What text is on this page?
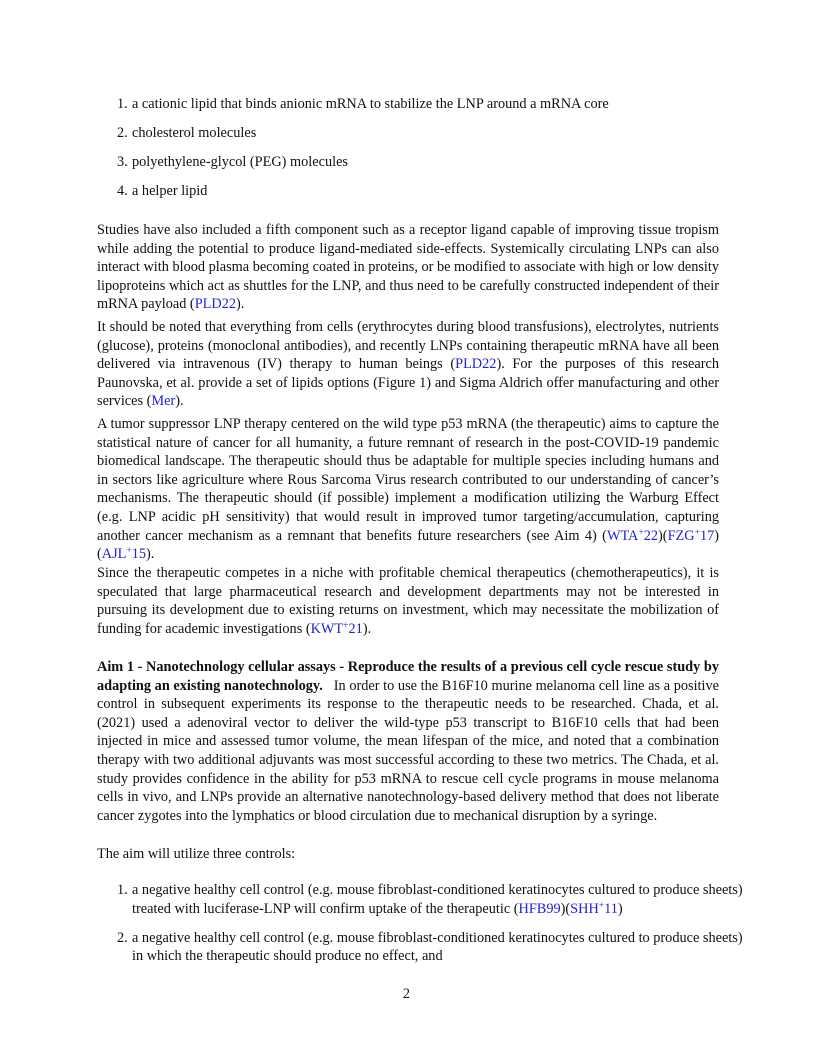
1. a cationic lipid that binds anionic mRNA to stabilize the LNP around a mRNA core
2. cholesterol molecules
3. polyethylene-glycol (PEG) molecules
4. a helper lipid

Studies have also included a fifth component such as a receptor ligand capable of improving tissue tropism while adding the potential to produce ligand-mediated side-effects. Systemically circulating LNPs can also interact with blood plasma becoming coated in proteins, or be modified to associate with high or low density lipoproteins which act as shuttles for the LNP, and thus need to be carefully constructed independent of their mRNA payload (PLD22).

It should be noted that everything from cells (erythrocytes during blood transfusions), electrolytes, nutrients (glucose), proteins (monoclonal antibodies), and recently LNPs containing therapeutic mRNA have all been delivered via intravenous (IV) therapy to human beings (PLD22). For the purposes of this research Paunovska, et al. provide a set of lipids options (Figure 1) and Sigma Aldrich offer manufacturing and other services (Mer).

A tumor suppressor LNP therapy centered on the wild type p53 mRNA (the therapeutic) aims to capture the statistical nature of cancer for all humanity, a future remnant of research in the post-COVID-19 pandemic biomedical landscape. The therapeutic should thus be adaptable for multiple species including humans and in sectors like agriculture where Rous Sarcoma Virus research contributed to our understanding of cancer’s mechanisms. The therapeutic should (if possible) implement a modification utilizing the Warburg Effect (e.g. LNP acidic pH sensitivity) that would result in improved tumor targeting/accumulation, capturing another cancer mechanism as a remnant that benefits future researchers (see Aim 4) (WTA+22)(FZG+17)(AJL+15).

Since the therapeutic competes in a niche with profitable chemical therapeutics (chemotherapeutics), it is speculated that large pharmaceutical research and development departments may not be interested in pursuing its development due to existing returns on investment, which may necessitate the mobilization of funding for academic investigations (KWT+21).

Aim 1 - Nanotechnology cellular assays - Reproduce the results of a previous cell cycle rescue study by adapting an existing nanotechnology. In order to use the B16F10 murine melanoma cell line as a positive control in subsequent experiments its response to the therapeutic needs to be researched. Chada, et al. (2021) used a adenoviral vector to deliver the wild-type p53 transcript to B16F10 cells that had been injected in mice and assessed tumor volume, the mean lifespan of the mice, and noted that a combination therapy with two additional adjuvants was most successful according to these two metrics. The Chada, et al. study provides confidence in the ability for p53 mRNA to rescue cell cycle programs in mouse melanoma cells in vivo, and LNPs provide an alternative nanotechnology-based delivery method that does not liberate cancer zygotes into the lymphatics or blood circulation due to mechanical disruption by a syringe.

The aim will utilize three controls:

1. a negative healthy cell control (e.g. mouse fibroblast-conditioned keratinocytes cultured to produce sheets) treated with luciferase-LNP will confirm uptake of the therapeutic (HFB99)(SHH+11)
2. a negative healthy cell control (e.g. mouse fibroblast-conditioned keratinocytes cultured to produce sheets) in which the therapeutic should produce no effect, and
2
